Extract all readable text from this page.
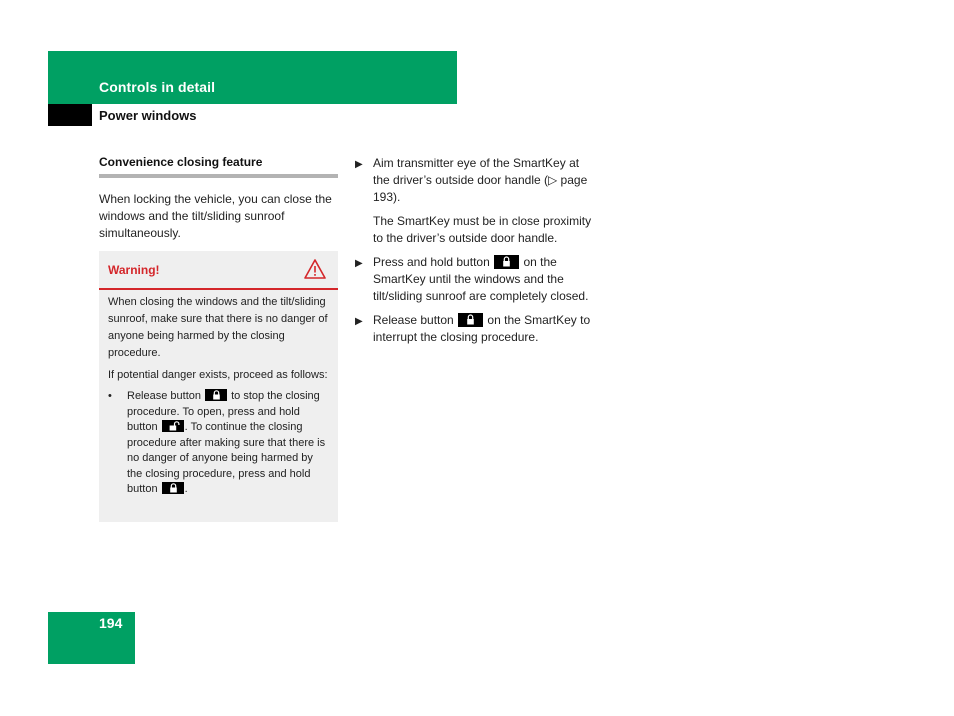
Controls in detail
Power windows
Convenience closing feature
When locking the vehicle, you can close the windows and the tilt/sliding sunroof simultaneously.
Warning!

When closing the windows and the tilt/sliding sunroof, make sure that there is no danger of anyone being harmed by the closing procedure.

If potential danger exists, proceed as follows:

• Release button	to stop the closing procedure. To open, press and hold button . To continue the closing procedure after making sure that there is no danger of anyone being harmed by the closing procedure, press and hold button .
▶ Aim transmitter eye of the SmartKey at the driver’s outside door handle (▷ page 193).
The SmartKey must be in close proximity to the driver’s outside door handle.
▶ Press and hold button	on the SmartKey until the windows and the tilt/sliding sunroof are completely closed.
▶ Release button	on the SmartKey to interrupt the closing procedure.
194
